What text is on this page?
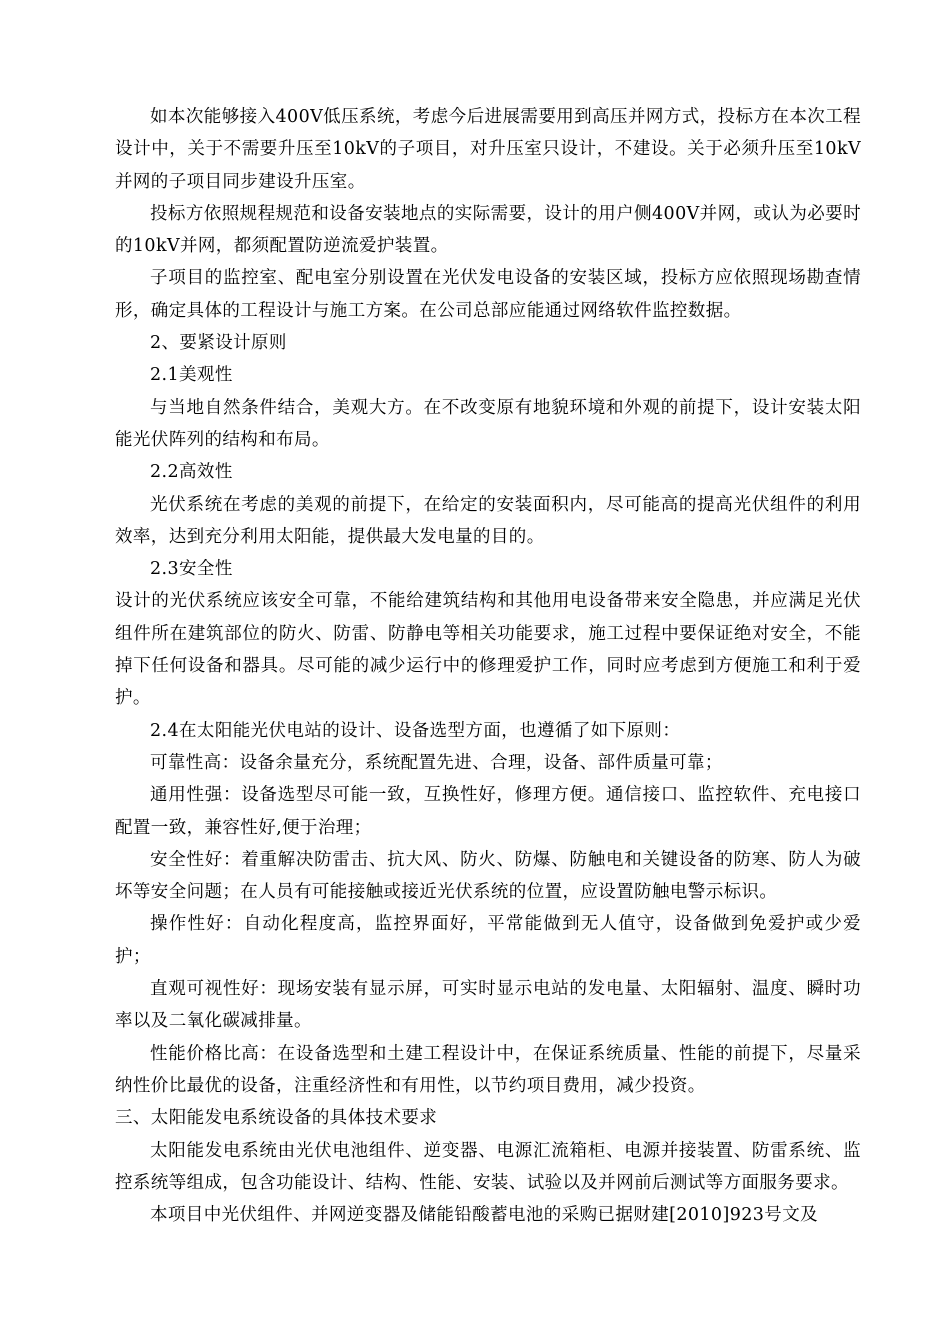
如本次能够接入400V低压系统，考虑今后进展需要用到高压并网方式，投标方在本次工程设计中，关于不需要升压至10kV的子项目，对升压室只设计，不建设。关于必须升压至10kV并网的子项目同步建设升压室。

投标方依照规程规范和设备安装地点的实际需要，设计的用户侧400V并网，或认为必要时的10kV并网，都须配置防逆流爱护装置。

子项目的监控室、配电室分别设置在光伏发电设备的安装区域，投标方应依照现场勘查情形，确定具体的工程设计与施工方案。在公司总部应能通过网络软件监控数据。

2、要紧设计原则

2.1美观性

与当地自然条件结合，美观大方。在不改变原有地貌环境和外观的前提下，设计安装太阳能光伏阵列的结构和布局。

2.2高效性

光伏系统在考虑的美观的前提下，在给定的安装面积内，尽可能高的提高光伏组件的利用效率，达到充分利用太阳能，提供最大发电量的目的。

2.3安全性

设计的光伏系统应该安全可靠，不能给建筑结构和其他用电设备带来安全隐患，并应满足光伏组件所在建筑部位的防火、防雷、防静电等相关功能要求，施工过程中要保证绝对安全，不能掉下任何设备和器具。尽可能的减少运行中的修理爱护工作，同时应考虑到方便施工和利于爱护。

2.4在太阳能光伏电站的设计、设备选型方面，也遵循了如下原则：

可靠性高：设备余量充分，系统配置先进、合理，设备、部件质量可靠；

通用性强：设备选型尽可能一致，互换性好，修理方便。通信接口、监控软件、充电接口配置一致，兼容性好,便于治理；

安全性好：着重解决防雷击、抗大风、防火、防爆、防触电和关键设备的防寒、防人为破坏等安全问题；在人员有可能接触或接近光伏系统的位置，应设置防触电警示标识。

操作性好：自动化程度高，监控界面好，平常能做到无人值守，设备做到免爱护或少爱护；

直观可视性好：现场安装有显示屏，可实时显示电站的发电量、太阳辐射、温度、瞬时功率以及二氧化碳减排量。

性能价格比高：在设备选型和土建工程设计中，在保证系统质量、性能的前提下，尽量采纳性价比最优的设备，注重经济性和有用性，以节约项目费用，减少投资。

三、太阳能发电系统设备的具体技术要求

太阳能发电系统由光伏电池组件、逆变器、电源汇流箱柜、电源并接装置、防雷系统、监控系统等组成，包含功能设计、结构、性能、安装、试验以及并网前后测试等方面服务要求。

本项目中光伏组件、并网逆变器及储能铅酸蓄电池的采购已据财建[2010]923号文及
